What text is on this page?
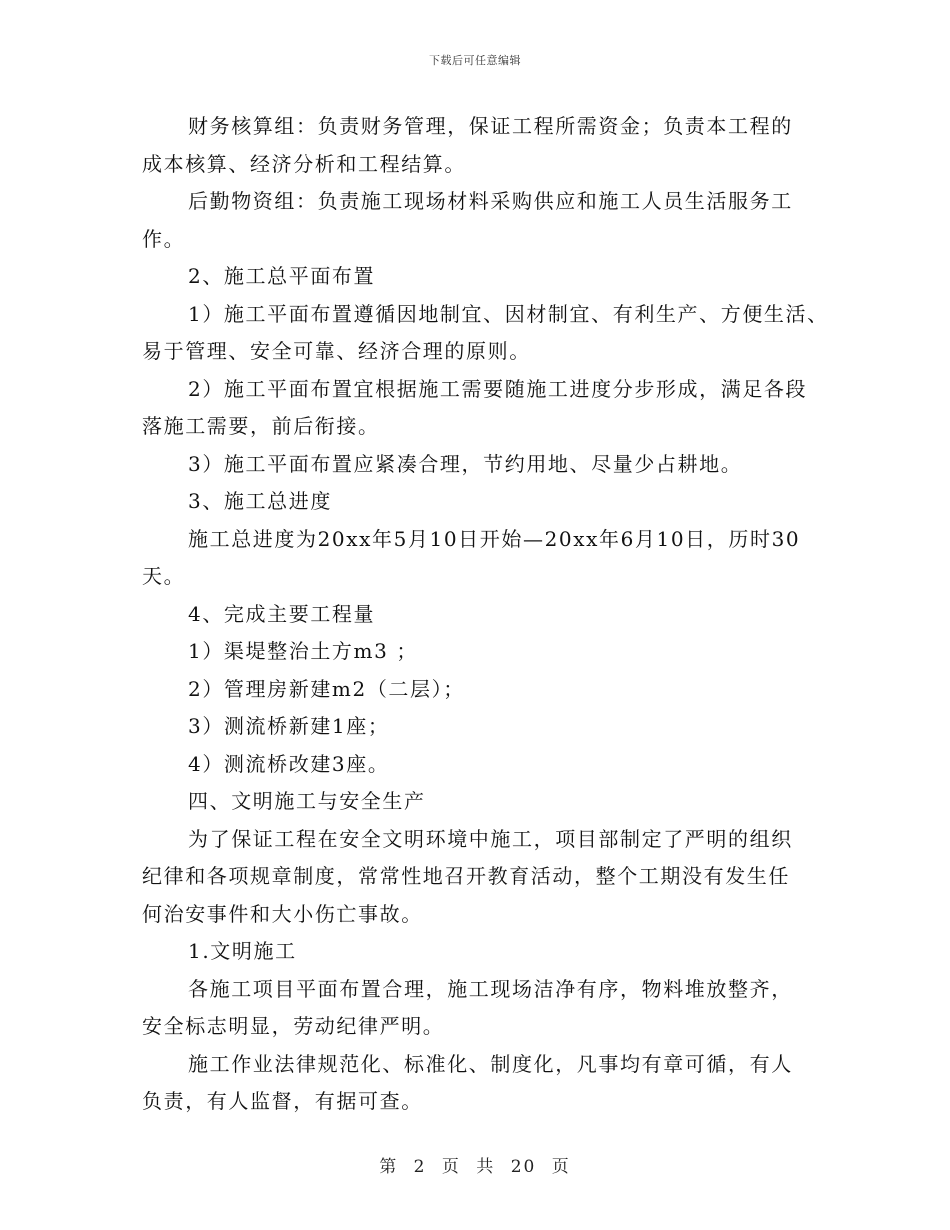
下载后可任意编辑
财务核算组：负责财务管理，保证工程所需资金；负责本工程的
成本核算、经济分析和工程结算。
后勤物资组：负责施工现场材料采购供应和施工人员生活服务工
作。
2、施工总平面布置
1）施工平面布置遵循因地制宜、因材制宜、有利生产、方便生活、
易于管理、安全可靠、经济合理的原则。
2）施工平面布置宜根据施工需要随施工进度分步形成，满足各段
落施工需要，前后衔接。
3）施工平面布置应紧凑合理，节约用地、尽量少占耕地。
3、施工总进度
施工总进度为20xx年5月10日开始—20xx年6月10日，历时30
天。
4、完成主要工程量
1）渠堤整治土方m3 ；
2）管理房新建m2（二层）；
3）测流桥新建1座；
4）测流桥改建3座。
四、文明施工与安全生产
为了保证工程在安全文明环境中施工，项目部制定了严明的组织
纪律和各项规章制度，常常性地召开教育活动，整个工期没有发生任
何治安事件和大小伤亡事故。
1.文明施工
各施工项目平面布置合理，施工现场洁净有序，物料堆放整齐，
安全标志明显，劳动纪律严明。
施工作业法律规范化、标准化、制度化，凡事均有章可循，有人
负责，有人监督，有据可查。
第 2 页 共 20 页
